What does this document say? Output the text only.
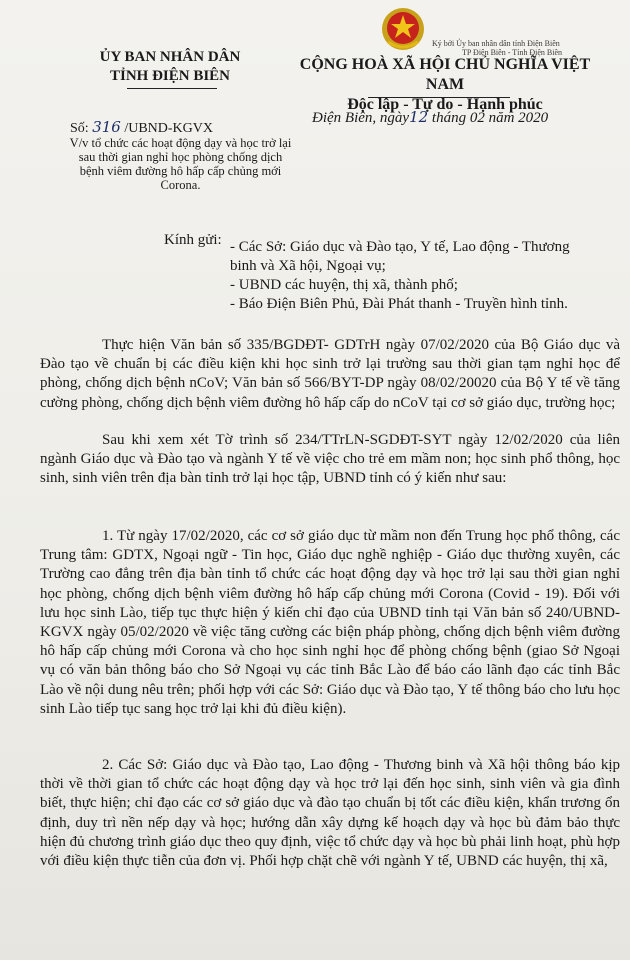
ỦY BAN NHÂN DÂN
TỈNH ĐIỆN BIÊN
Ký bởi Ủy ban nhân dân tỉnh Điện Biên
TP Điện Biên - Tỉnh Điện Biên
CỘNG HOÀ XÃ HỘI CHỦ NGHĨA VIỆT NAM
Độc lập - Tự do - Hạnh phúc
Số: 316 /UBND-KGVX
V/v tổ chức các hoạt động dạy và học trở lại sau thời gian nghỉ học phòng chống dịch bệnh viêm đường hô hấp cấp chủng mới Corona.
Điện Biên, ngày12 tháng 02 năm 2020
Kính gửi: - Các Sở: Giáo dục và Đào tạo, Y tế, Lao động - Thương
binh và Xã hội, Ngoại vụ;
- UBND các huyện, thị xã, thành phố;
- Báo Điện Biên Phủ, Đài Phát thanh - Truyền hình tỉnh.
Thực hiện Văn bản số 335/BGDĐT- GDTrH ngày 07/02/2020 của Bộ Giáo dục và Đào tạo về chuẩn bị các điều kiện khi học sinh trở lại trường sau thời gian tạm nghỉ học để phòng, chống dịch bệnh nCoV; Văn bản số 566/BYT-DP ngày 08/02/20020 của Bộ Y tế về tăng cường phòng, chống dịch bệnh viêm đường hô hấp cấp do nCoV tại cơ sở giáo dục, trường học;
Sau khi xem xét Tờ trình số 234/TTrLN-SGDĐT-SYT ngày 12/02/2020 của liên ngành Giáo dục và Đào tạo và ngành Y tế về việc cho trẻ em mầm non; học sinh phổ thông, học sinh, sinh viên trên địa bàn tỉnh trở lại học tập, UBND tỉnh có ý kiến như sau:
1. Từ ngày 17/02/2020, các cơ sở giáo dục từ mầm non đến Trung học phổ thông, các Trung tâm: GDTX, Ngoại ngữ - Tin học, Giáo dục nghề nghiệp - Giáo dục thường xuyên, các Trường cao đẳng trên địa bàn tỉnh tổ chức các hoạt động dạy và học trở lại sau thời gian nghỉ học phòng, chống dịch bệnh viêm đường hô hấp cấp chủng mới Corona (Covid - 19). Đối với lưu học sinh Lào, tiếp tục thực hiện ý kiến chỉ đạo của UBND tỉnh tại Văn bản số 240/UBND-KGVX ngày 05/02/2020 về việc tăng cường các biện pháp phòng, chống dịch bệnh viêm đường hô hấp cấp chủng mới Corona và cho học sinh nghỉ học để phòng chống bệnh (giao Sở Ngoại vụ có văn bản thông báo cho Sở Ngoại vụ các tỉnh Bắc Lào để báo cáo lãnh đạo các tỉnh Bắc Lào về nội dung nêu trên; phối hợp với các Sở: Giáo dục và Đào tạo, Y tế thông báo cho lưu học sinh Lào tiếp tục sang học trở lại khi đủ điều kiện).
2. Các Sở: Giáo dục và Đào tạo, Lao động - Thương binh và Xã hội thông báo kịp thời về thời gian tổ chức các hoạt động dạy và học trở lại đến học sinh, sinh viên và gia đình biết, thực hiện; chỉ đạo các cơ sở giáo dục và đào tạo chuẩn bị tốt các điều kiện, khẩn trương ổn định, duy trì nền nếp dạy và học; hướng dẫn xây dựng kế hoạch dạy và học bù đảm bảo thực hiện đủ chương trình giáo dục theo quy định, việc tổ chức dạy và học bù phải linh hoạt, phù hợp với điều kiện thực tiễn của đơn vị. Phối hợp chặt chẽ với ngành Y tế, UBND các huyện, thị xã,
